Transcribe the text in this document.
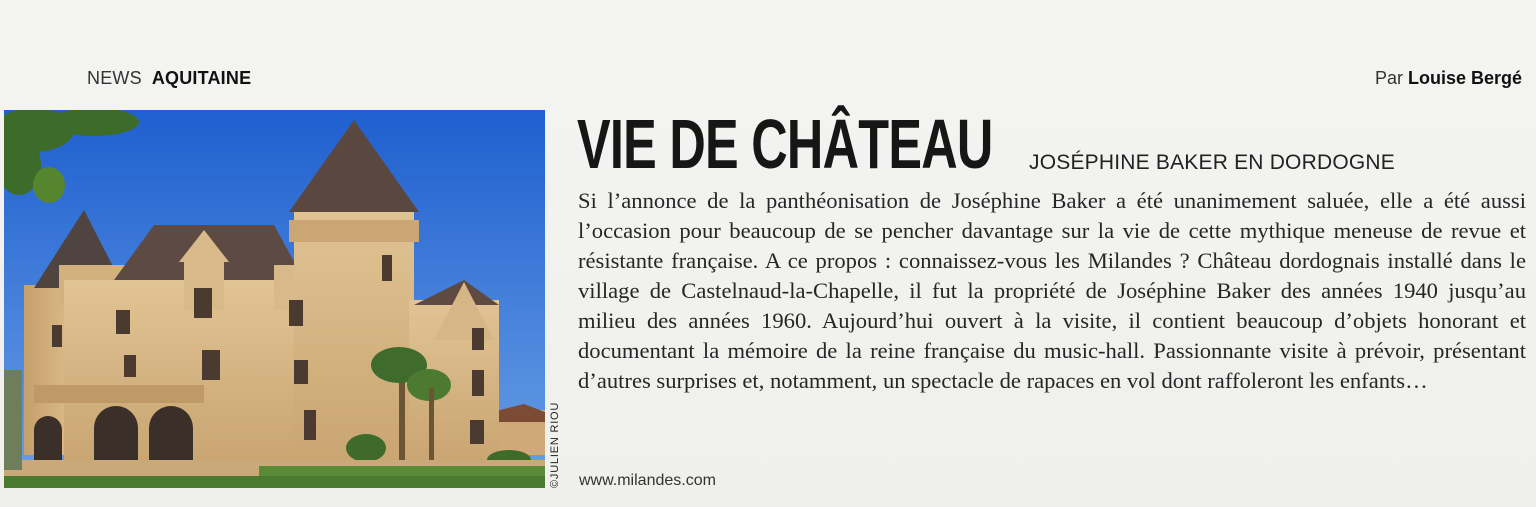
NEWS AQUITAINE	Par Louise Bergé
©JULIEN RIOU
VIE DE CHÂTEAU	JOSÉPHINE BAKER EN DORDOGNE

Si l’annonce de la panthéonisation de Joséphine Baker a été unanimement saluée, elle a été aussi l’occasion pour beaucoup de se pencher davantage sur la vie de cette mythique meneuse de revue et résistante française. A ce propos : connaissez-vous les Milandes ? Château dordognais installé dans le village de Castelnaud-la-Chapelle, il fut la propriété de Joséphine Baker des années 1940 jusqu’au milieu des années 1960. Aujourd’hui ouvert à la visite, il contient beaucoup d’objets honorant et documentant la mémoire de la reine française du music-hall. Passionnante visite à prévoir, présentant d’autres surprises et, notamment, un spectacle de rapaces en vol dont raffoleront les enfants…

www.milandes.com
